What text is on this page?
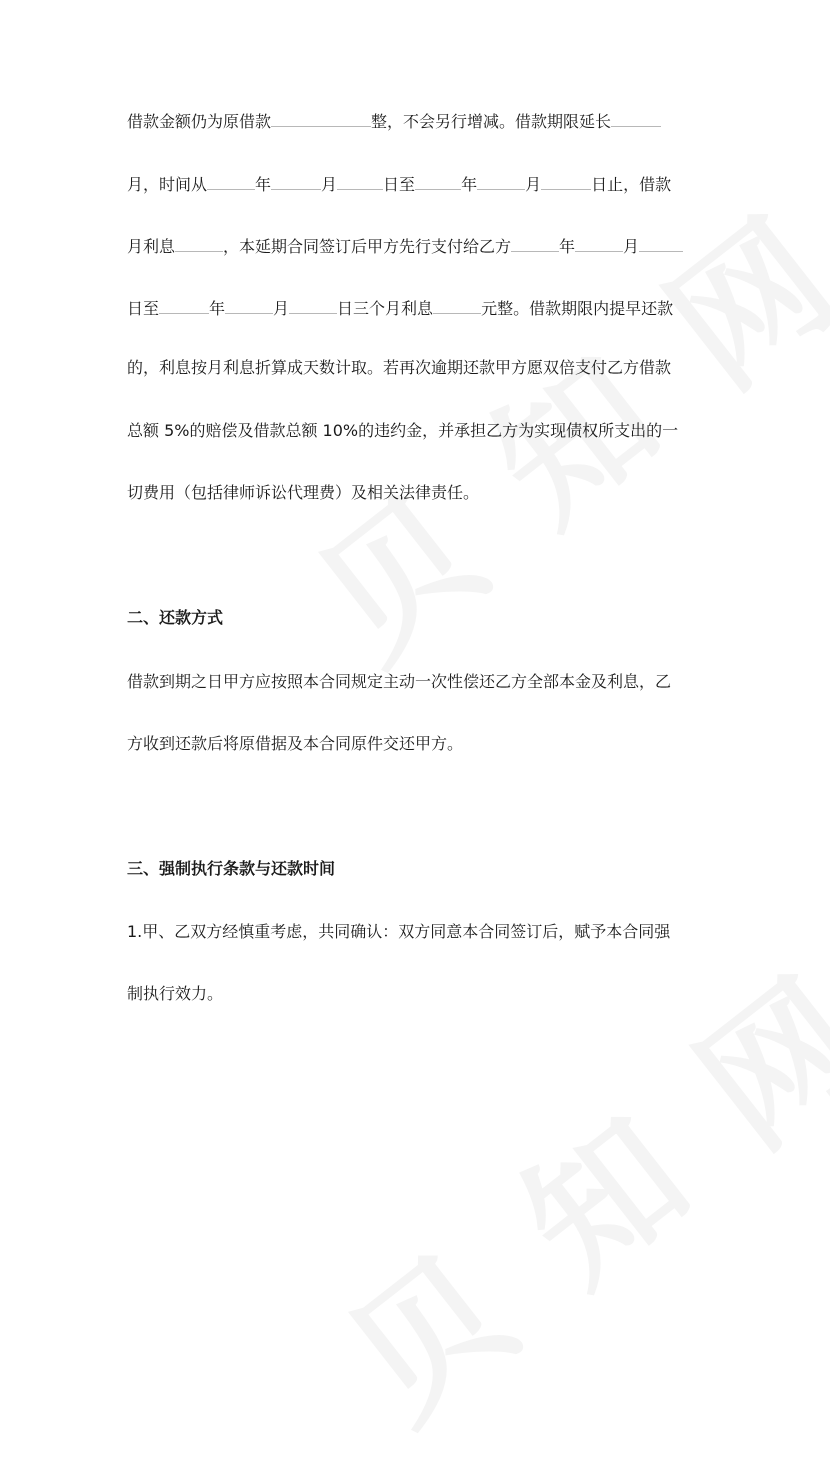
借款金额仍为原借款	整，不会另行增减。借款期限延长
月，时间从	年	月	日至	年	月	日止，借款
月利息	，本延期合同签订后甲方先行支付给乙方	年	月
日至	年	月	日三个月利息	元整。借款期限内提早还款
的，利息按月利息折算成天数计取。若再次逾期还款甲方愿双倍支付乙方借款
总额 5%的赔偿及借款总额 10%的违约金，并承担乙方为实现债权所支出的一
切费用（包括律师诉讼代理费）及相关法律责任。
二、还款方式
借款到期之日甲方应按照本合同规定主动一次性偿还乙方全部本金及利息，乙
方收到还款后将原借据及本合同原件交还甲方。
三、强制执行条款与还款时间
1.甲、乙双方经慎重考虑，共同确认：双方同意本合同签订后，赋予本合同强
制执行效力。
